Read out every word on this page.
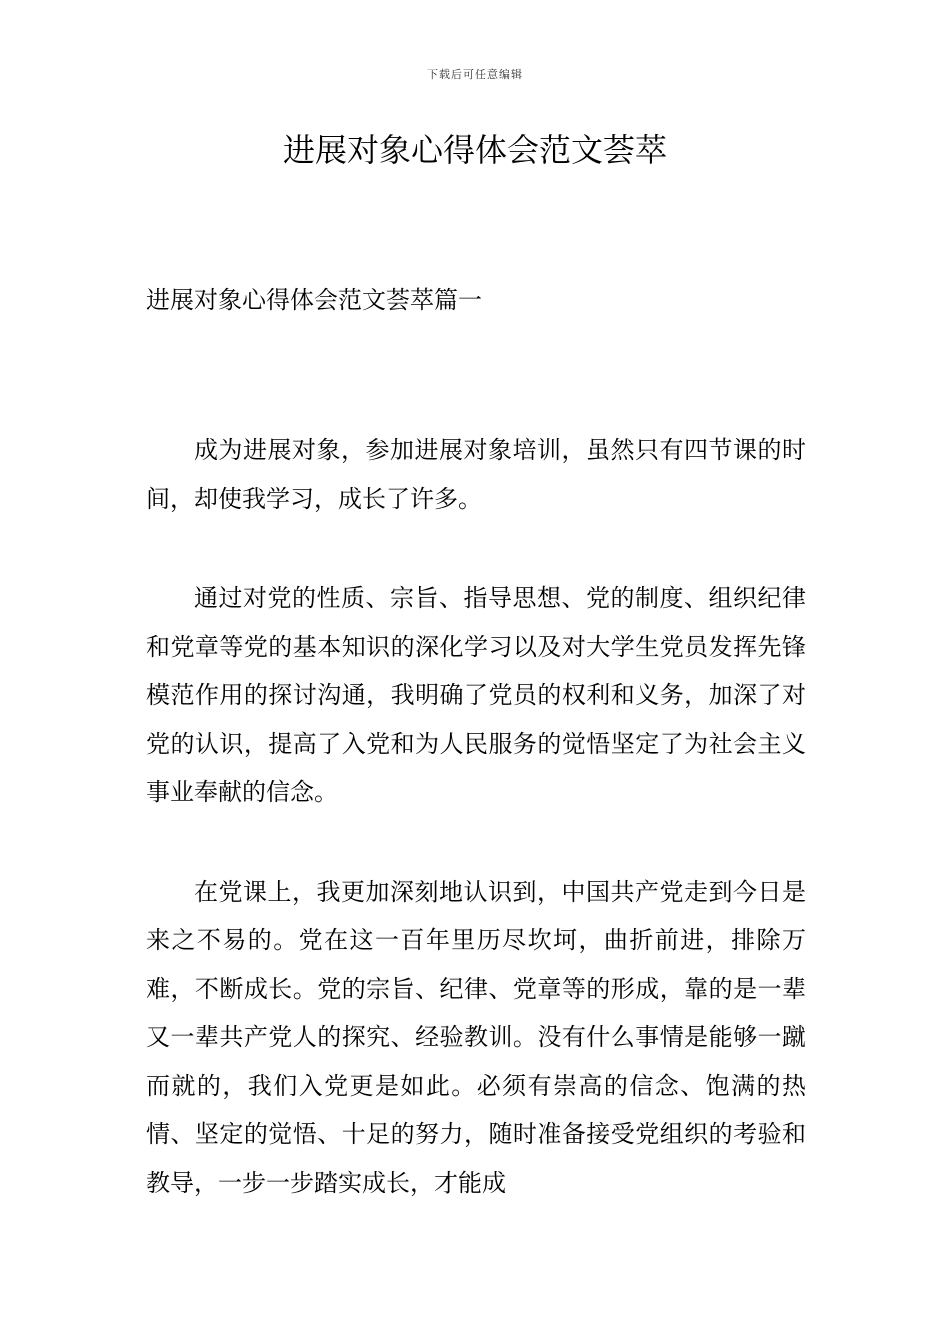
下载后可任意编辑
进展对象心得体会范文荟萃
进展对象心得体会范文荟萃篇一

成为进展对象，参加进展对象培训，虽然只有四节课的时间，却使我学习，成长了许多。

通过对党的性质、宗旨、指导思想、党的制度、组织纪律和党章等党的基本知识的深化学习以及对大学生党员发挥先锋模范作用的探讨沟通，我明确了党员的权利和义务，加深了对党的认识，提高了入党和为人民服务的觉悟坚定了为社会主义事业奉献的信念。

在党课上，我更加深刻地认识到，中国共产党走到今日是来之不易的。党在这一百年里历尽坎坷，曲折前进，排除万难，不断成长。党的宗旨、纪律、党章等的形成，靠的是一辈又一辈共产党人的探究、经验教训。没有什么事情是能够一蹴而就的，我们入党更是如此。必须有崇高的信念、饱满的热情、坚定的觉悟、十足的努力，随时准备接受党组织的考验和教导，一步一步踏实成长，才能成
